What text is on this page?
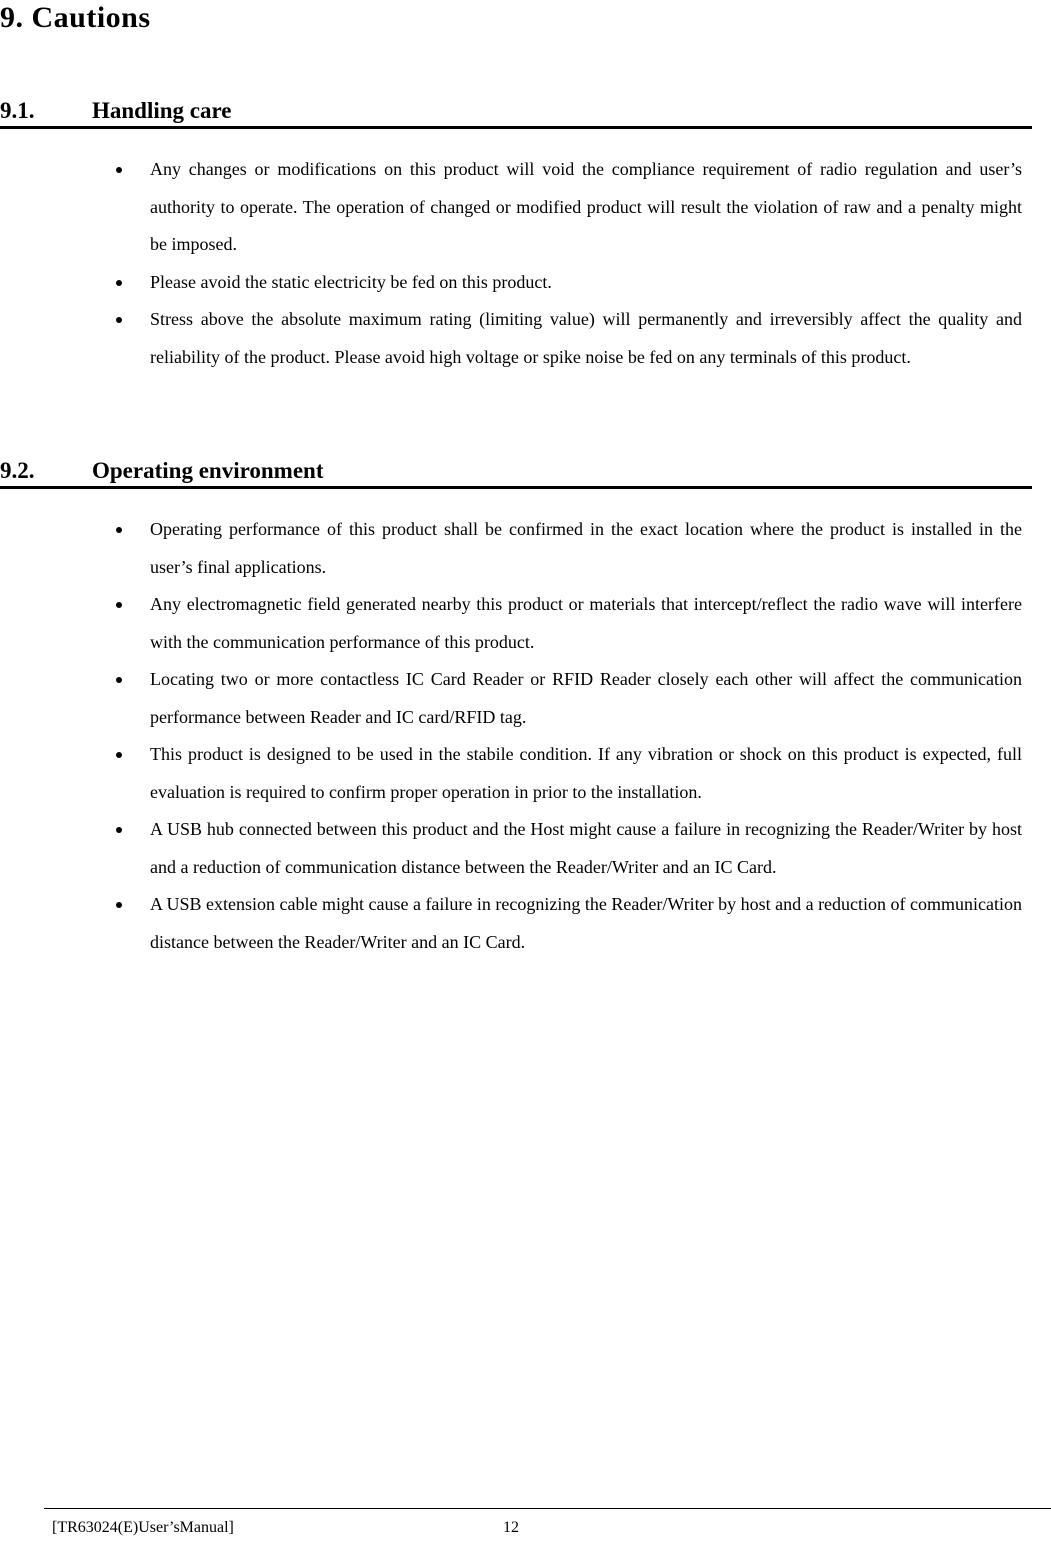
9. Cautions
9.1.	Handling care
Any changes or modifications on this product will void the compliance requirement of radio regulation and user’s authority to operate. The operation of changed or modified product will result the violation of raw and a penalty might be imposed.
Please avoid the static electricity be fed on this product.
Stress above the absolute maximum rating (limiting value) will permanently and irreversibly affect the quality and reliability of the product. Please avoid high voltage or spike noise be fed on any terminals of this product.
9.2.	Operating environment
Operating performance of this product shall be confirmed in the exact location where the product is installed in the user’s final applications.
Any electromagnetic field generated nearby this product or materials that intercept/reflect the radio wave will interfere with the communication performance of this product.
Locating two or more contactless IC Card Reader or RFID Reader closely each other will affect the communication performance between Reader and IC card/RFID tag.
This product is designed to be used in the stabile condition. If any vibration or shock on this product is expected, full evaluation is required to confirm proper operation in prior to the installation.
A USB hub connected between this product and the Host might cause a failure in recognizing the Reader/Writer by host and a reduction of communication distance between the Reader/Writer and an IC Card.
A USB extension cable might cause a failure in recognizing the Reader/Writer by host and a reduction of communication distance between the Reader/Writer and an IC Card.
[TR63024(E)User’sManual]	12
